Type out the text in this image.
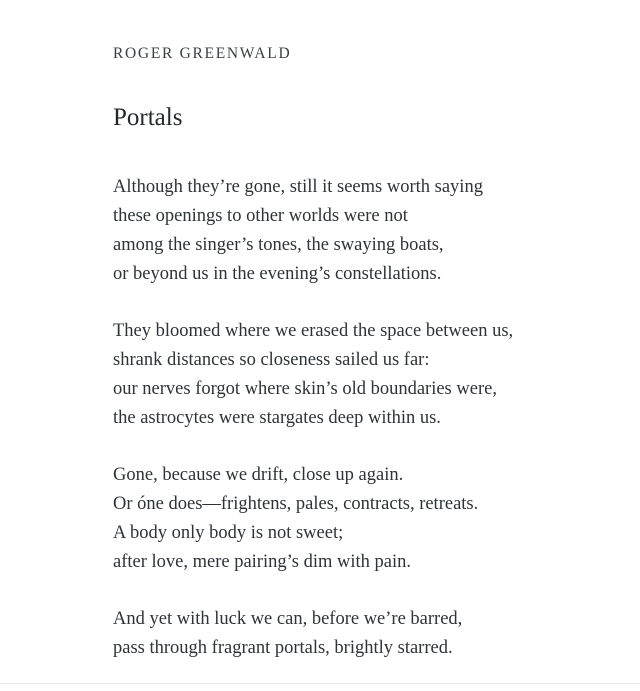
ROGER GREENWALD
Portals
Although they’re gone, still it seems worth saying
these openings to other worlds were not
among the singer’s tones, the swaying boats,
or beyond us in the evening’s constellations.
They bloomed where we erased the space between us,
shrank distances so closeness sailed us far:
our nerves forgot where skin’s old boundaries were,
the astrocytes were stargates deep within us.
Gone, because we drift, close up again.
Or óne does—frightens, pales, contracts, retreats.
A body only body is not sweet;
after love, mere pairing’s dim with pain.
And yet with luck we can, before we’re barred,
pass through fragrant portals, brightly starred.
